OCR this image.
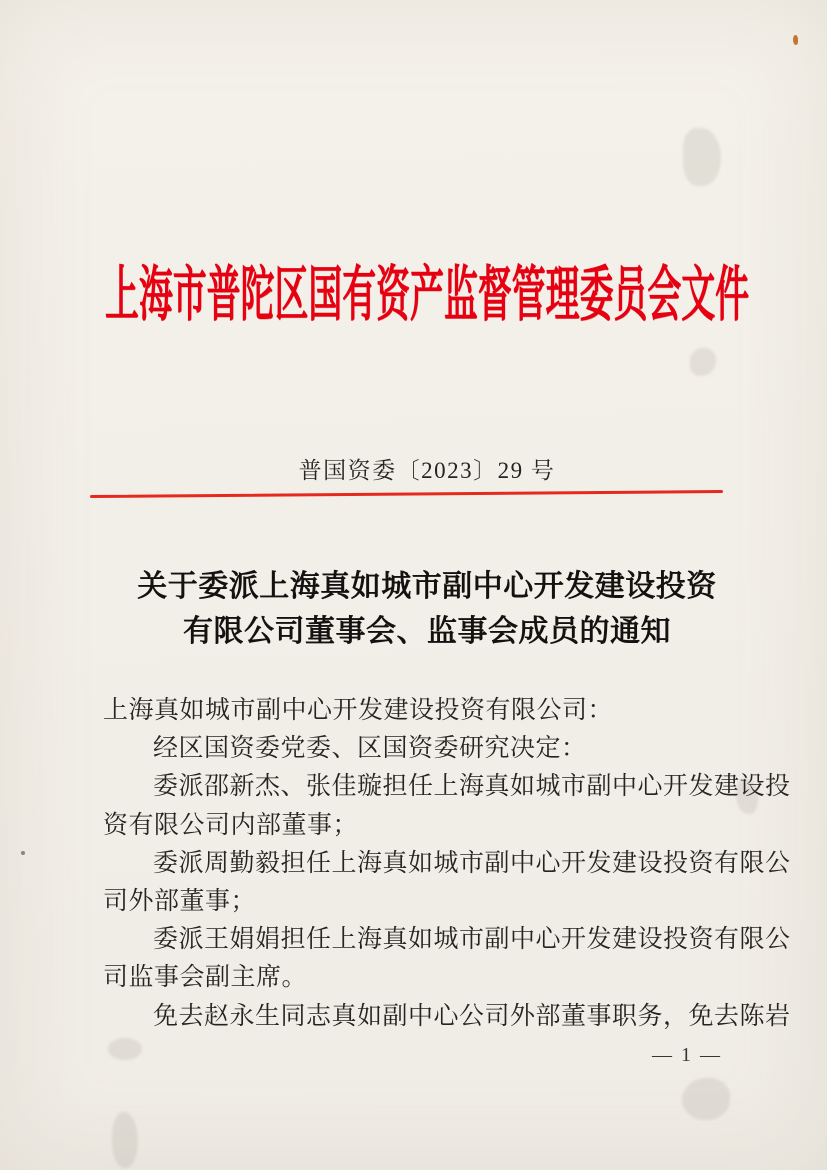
上海市普陀区国有资产监督管理委员会文件
普国资委〔2023〕29 号
关于委派上海真如城市副中心开发建设投资
有限公司董事会、监事会成员的通知
上海真如城市副中心开发建设投资有限公司：
经区国资委党委、区国资委研究决定：
委派邵新杰、张佳璇担任上海真如城市副中心开发建设投
资有限公司内部董事；
委派周勤毅担任上海真如城市副中心开发建设投资有限公
司外部董事；
委派王娟娟担任上海真如城市副中心开发建设投资有限公
司监事会副主席。
免去赵永生同志真如副中心公司外部董事职务，免去陈岩
— 1 —
